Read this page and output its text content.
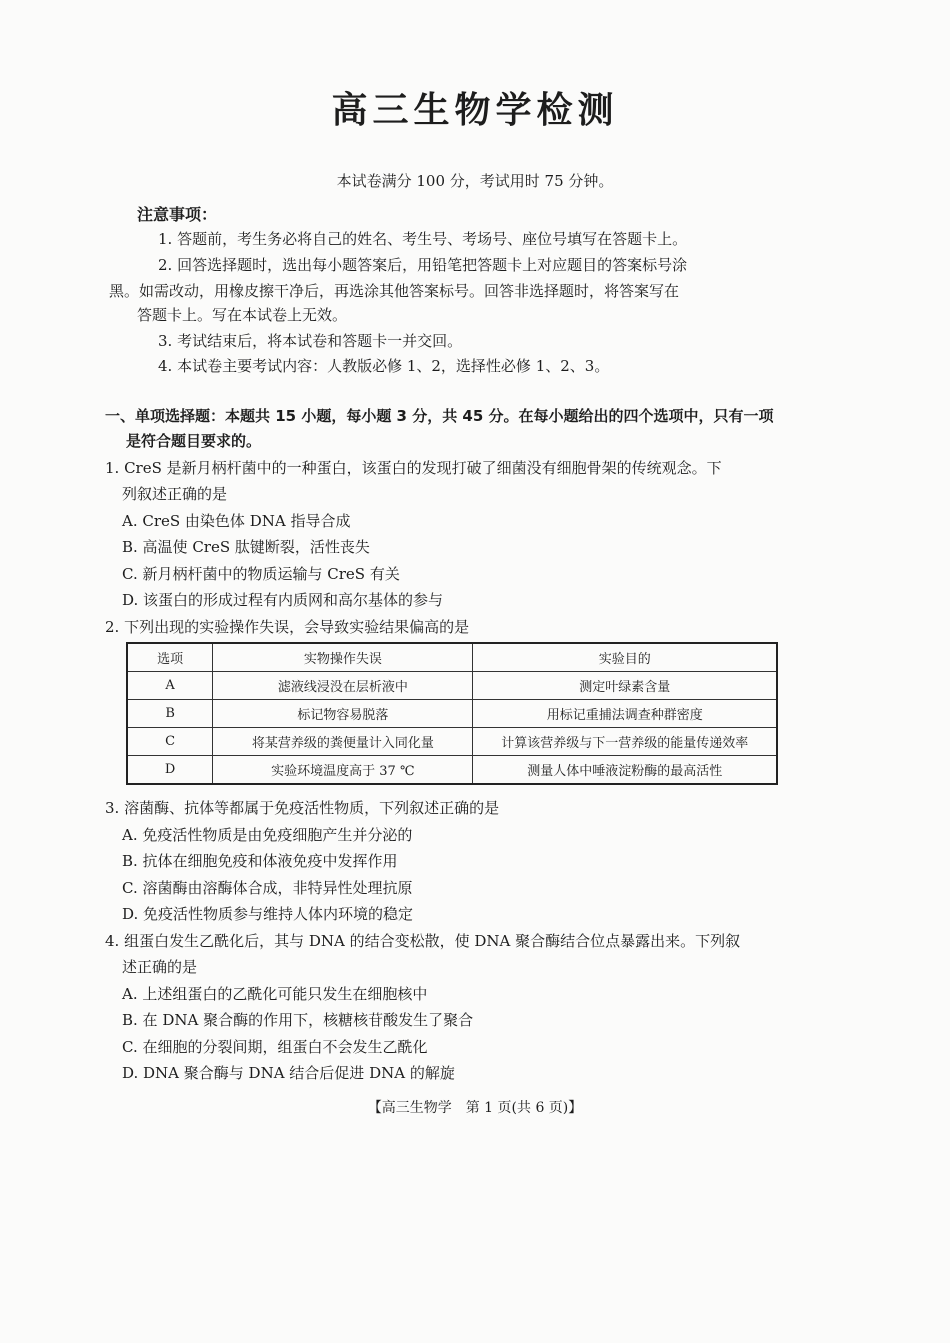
高三生物学检测
本试卷满分 100 分，考试用时 75 分钟。
注意事项：
1. 答题前，考生务必将自己的姓名、考生号、考场号、座位号填写在答题卡上。
2. 回答选择题时，选出每小题答案后，用铅笔把答题卡上对应题目的答案标号涂
黑。如需改动，用橡皮擦干净后，再选涂其他答案标号。回答非选择题时，将答案写在
答题卡上。写在本试卷上无效。
3. 考试结束后，将本试卷和答题卡一并交回。
4. 本试卷主要考试内容：人教版必修 1、2，选择性必修 1、2、3。
一、单项选择题：本题共 15 小题，每小题 3 分，共 45 分。在每小题给出的四个选项中，只有一项
是符合题目要求的。
1. CreS 是新月柄杆菌中的一种蛋白，该蛋白的发现打破了细菌没有细胞骨架的传统观念。下
列叙述正确的是
A. CreS 由染色体 DNA 指导合成
B. 高温使 CreS 肽键断裂，活性丧失
C. 新月柄杆菌中的物质运输与 CreS 有关
D. 该蛋白的形成过程有内质网和高尔基体的参与
2. 下列出现的实验操作失误，会导致实验结果偏高的是
选项	实物操作失误	实验目的
A	滤液线浸没在层析液中	测定叶绿素含量
B	标记物容易脱落	用标记重捕法调查种群密度
C	将某营养级的粪便量计入同化量	计算该营养级与下一营养级的能量传递效率
D	实验环境温度高于 37 ℃	测量人体中唾液淀粉酶的最高活性
3. 溶菌酶、抗体等都属于免疫活性物质，下列叙述正确的是
A. 免疫活性物质是由免疫细胞产生并分泌的
B. 抗体在细胞免疫和体液免疫中发挥作用
C. 溶菌酶由溶酶体合成，非特异性处理抗原
D. 免疫活性物质参与维持人体内环境的稳定
4. 组蛋白发生乙酰化后，其与 DNA 的结合变松散，使 DNA 聚合酶结合位点暴露出来。下列叙
述正确的是
A. 上述组蛋白的乙酰化可能只发生在细胞核中
B. 在 DNA 聚合酶的作用下，核糖核苷酸发生了聚合
C. 在细胞的分裂间期，组蛋白不会发生乙酰化
D. DNA 聚合酶与 DNA 结合后促进 DNA 的解旋
【高三生物学　第 1 页(共 6 页)】
